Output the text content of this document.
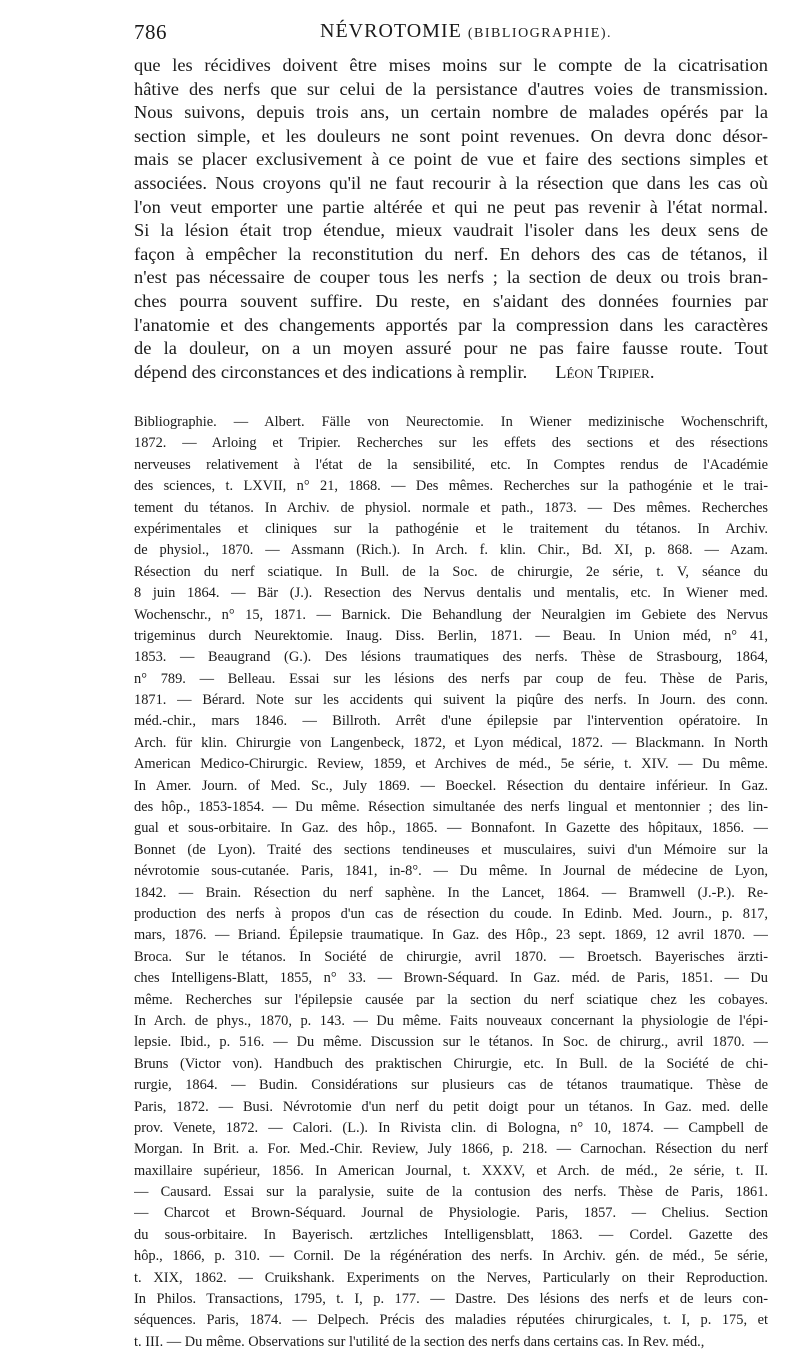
786	NÉVROTOMIE (BIBLIOGRAPHIE).
que les récidives doivent être mises moins sur le compte de la cicatrisation
hâtive des nerfs que sur celui de la persistance d'autres voies de transmission.
Nous suivons, depuis trois ans, un certain nombre de malades opérés par la
section simple, et les douleurs ne sont point revenues. On devra donc désor-
mais se placer exclusivement à ce point de vue et faire des sections simples et
associées. Nous croyons qu'il ne faut recourir à la résection que dans les cas où
l'on veut emporter une partie altérée et qui ne peut pas revenir à l'état normal.
Si la lésion était trop étendue, mieux vaudrait l'isoler dans les deux sens de
façon à empêcher la reconstitution du nerf. En dehors des cas de tétanos, il
n'est pas nécessaire de couper tous les nerfs ; la section de deux ou trois bran-
ches pourra souvent suffire. Du reste, en s'aidant des données fournies par
l'anatomie et des changements apportés par la compression dans les caractères
de la douleur, on a un moyen assuré pour ne pas faire fausse route. Tout
dépend des circonstances et des indications à remplir. Léon Tripier.
Bibliographie. — Albert. Fälle von Neurectomie. In Wiener medizinische Wochenschrift,
1872. — Arloing et Tripier. Recherches sur les effets des sections et des résections
nerveuses relativement à l'état de la sensibilité, etc. In Comptes rendus de l'Académie
des sciences, t. LXVII, n° 21, 1868. — Des mêmes. Recherches sur la pathogénie et le trai-
tement du tétanos. In Archiv. de physiol. normale et path., 1873. — Des mêmes. Recherches
expérimentales et cliniques sur la pathogénie et le traitement du tétanos. In Archiv.
de physiol., 1870. — Assmann (Rich.). In Arch. f. klin. Chir., Bd. XI, p. 868. — Azam.
Résection du nerf sciatique. In Bull. de la Soc. de chirurgie, 2e série, t. V, séance du
8 juin 1864. — Bär (J.). Resection des Nervus dentalis und mentalis, etc. In Wiener med.
Wochenschr., n° 15, 1871. — Barnick. Die Behandlung der Neuralgien im Gebiete des Nervus
trigeminus durch Neurektomie. Inaug. Diss. Berlin, 1871. — Beau. In Union méd, n° 41,
1853. — Beaugrand (G.). Des lésions traumatiques des nerfs. Thèse de Strasbourg, 1864,
n° 789. — Belleau. Essai sur les lésions des nerfs par coup de feu. Thèse de Paris,
1871. — Bérard. Note sur les accidents qui suivent la piqûre des nerfs. In Journ. des conn.
méd.-chir., mars 1846. — Billroth. Arrêt d'une épilepsie par l'intervention opératoire. In
Arch. für klin. Chirurgie von Langenbeck, 1872, et Lyon médical, 1872. — Blackmann. In North
American Medico-Chirurgic. Review, 1859, et Archives de méd., 5e série, t. XIV. — Du même.
In Amer. Journ. of Med. Sc., July 1869. — Boeckel. Résection du dentaire inférieur. In Gaz.
des hôp., 1853-1854. — Du même. Résection simultanée des nerfs lingual et mentonnier ; des lin-
gual et sous-orbitaire. In Gaz. des hôp., 1865. — Bonnafont. In Gazette des hôpitaux, 1856. —
Bonnet (de Lyon). Traité des sections tendineuses et musculaires, suivi d'un Mémoire sur la
névrotomie sous-cutanée. Paris, 1841, in-8°. — Du même. In Journal de médecine de Lyon,
1842. — Brain. Résection du nerf saphène. In the Lancet, 1864. — Bramwell (J.-P.). Re-
production des nerfs à propos d'un cas de résection du coude. In Edinb. Med. Journ., p. 817,
mars, 1876. — Briand. Épilepsie traumatique. In Gaz. des Hôp., 23 sept. 1869, 12 avril 1870. —
Broca. Sur le tétanos. In Société de chirurgie, avril 1870. — Broetsch. Bayerisches ärzti-
ches Intelligens-Blatt, 1855, n° 33. — Brown-Séquard. In Gaz. méd. de Paris, 1851. — Du
même. Recherches sur l'épilepsie causée par la section du nerf sciatique chez les cobayes.
In Arch. de phys., 1870, p. 143. — Du même. Faits nouveaux concernant la physiologie de l'épi-
lepsie. Ibid., p. 516. — Du même. Discussion sur le tétanos. In Soc. de chirurg., avril 1870. —
Bruns (Victor von). Handbuch des praktischen Chirurgie, etc. In Bull. de la Société de chi-
rurgie, 1864. — Budin. Considérations sur plusieurs cas de tétanos traumatique. Thèse de
Paris, 1872. — Busi. Névrotomie d'un nerf du petit doigt pour un tétanos. In Gaz. med. delle
prov. Venete, 1872. — Calori. (L.). In Rivista clin. di Bologna, n° 10, 1874. — Campbell de
Morgan. In Brit. a. For. Med.-Chir. Review, July 1866, p. 218. — Carnochan. Résection du nerf
maxillaire supérieur, 1856. In American Journal, t. XXXV, et Arch. de méd., 2e série, t. II.
— Causard. Essai sur la paralysie, suite de la contusion des nerfs. Thèse de Paris, 1861.
— Charcot et Brown-Séquard. Journal de Physiologie. Paris, 1857. — Chelius. Section
du sous-orbitaire. In Bayerisch. ærtzliches Intelligensblatt, 1863. — Cordel. Gazette des
hôp., 1866, p. 310. — Cornil. De la régénération des nerfs. In Archiv. gén. de méd., 5e série,
t. XIX, 1862. — Cruikshank. Experiments on the Nerves, Particularly on their Reproduction.
In Philos. Transactions, 1795, t. I, p. 177. — Dastre. Des lésions des nerfs et de leurs con-
séquences. Paris, 1874. — Delpech. Précis des maladies réputées chirurgicales, t. I, p. 175, et
t. III. — Du même. Observations sur l'utilité de la section des nerfs dans certains cas. In Rev. méd.,
